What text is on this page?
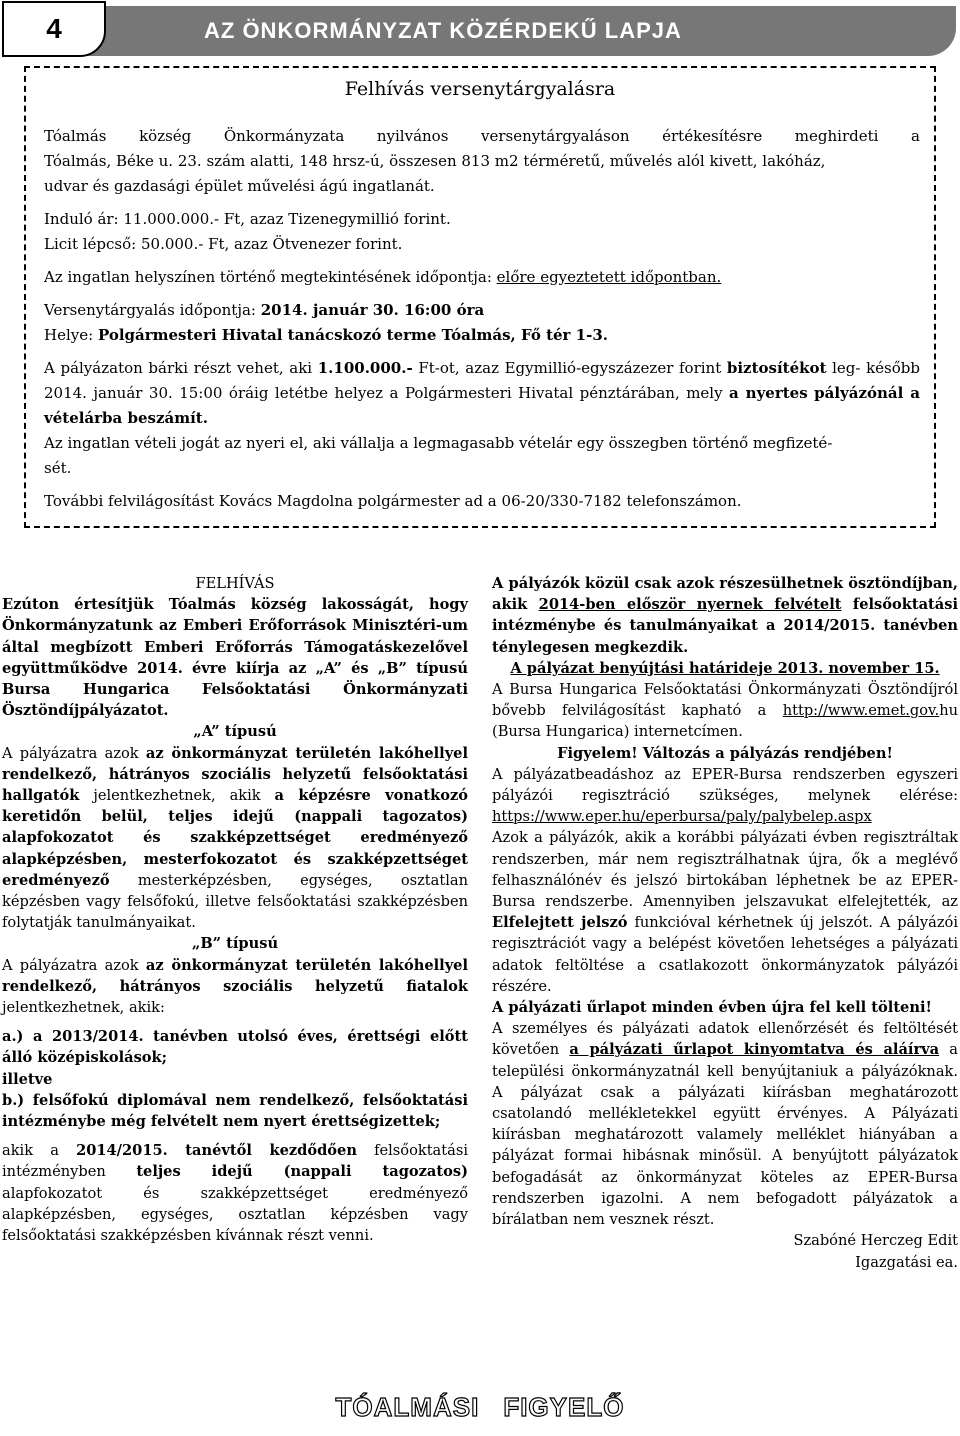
4	AZ ÖNKORMÁNYZAT KÖZÉRDEKŰ LAPJA
Felhívás versenytárgyalásra

Tóalmás község Önkormányzata nyilvános versenytárgyaláson értékesítésre meghirdeti a

Tóalmás, Béke u. 23. szám alatti, 148 hrsz-ú, összesen 813 m2 térméretű, művelés alól kivett, lakóház,

udvar és gazdasági épület művelési ágú ingatlanát.

Induló ár: 11.000.000.- Ft, azaz Tizenegymillió forint.

Licit lépcső: 50.000.- Ft, azaz Ötvenezer forint.

Az ingatlan helyszínen történő megtekintésének időpontja: előre egyeztetett időpontban.

Versenytárgyalás időpontja: 2014. január 30. 16:00 óra

Helye: Polgármesteri Hivatal tanácskozó terme Tóalmás, Fő tér 1-3.

A pályázaton bárki részt vehet, aki 1.100.000.- Ft-ot, azaz Egymillió-egyszázezer forint biztosítékot leg- később 2014. január 30. 15:00 óráig letétbe helyez a Polgármesteri Hivatal pénztárában, mely a nyertes pályázónál a vételárba beszámít.

Az ingatlan vételi jogát az nyeri el, aki vállalja a legmagasabb vételár egy összegben történő megfizeté-
sét.

További felvilágosítást Kovács Magdolna polgármester ad a 06-20/330-7182 telefonszámon.

FELHÍVÁS

Ezúton értesítjük Tóalmás község lakosságát, hogy Önkormányzatunk az Emberi Erőforrások Minisztéri-um által megbízott Emberi Erőforrás Támogatáskezelővel együttműködve 2014. évre kiírja az „A” és „B” típusú Bursa Hungarica Felsőoktatási Önkormányzati Ösztöndíjpályázatot.

„A” típusú

A pályázatra azok az önkormányzat területén lakóhellyel rendelkező, hátrányos szociális helyzetű felsőoktatási hallgatók jelentkezhetnek, akik a képzésre vonatkozó keretidőn belül, teljes idejű (nappali tagozatos) alapfokozatot és szakképzettséget eredményező alapképzésben, mesterfokozatot és szakképzettséget eredményező mesterképzésben, egységes, osztatlan képzésben vagy felsőfokú, illetve felsőoktatási szakképzésben folytatják tanulmányaikat.

„B” típusú

A pályázatra azok az önkormányzat területén lakóhellyel rendelkező, hátrányos szociális helyzetű fiatalok jelentkezhetnek, akik:

a.) a 2013/2014. tanévben utolsó éves, érettségi előtt álló középiskolások;

illetve

b.) felsőfokú diplomával nem rendelkező, felsőoktatási intézménybe még felvételt nem nyert érettségizettek;

akik a 2014/2015. tanévtől kezdődően felsőoktatási intézményben teljes idejű (nappali tagozatos) alapfokozatot és szakképzettséget eredményező alapképzésben, egységes, osztatlan képzésben vagy felsőoktatási szakképzésben kívánnak részt venni.

A pályázók közül csak azok részesülhetnek ösztöndíjban, akik 2014-ben először nyernek felvételt felsőoktatási intézménybe és tanulmányaikat a 2014/2015. tanévben ténylegesen megkezdik.

A pályázat benyújtási határideje 2013. november 15.

A Bursa Hungarica Felsőoktatási Önkormányzati Ösztöndíjról bővebb felvilágosítást kapható a http://www.emet.gov.hu (Bursa Hungarica) internetcímen.

Figyelem! Változás a pályázás rendjében!

A pályázatbeadáshoz az EPER-Bursa rendszerben egyszeri pályázói regisztráció szükséges, melynek elérése: https://www.eper.hu/eperbursa/paly/palybelep.aspx

Azok a pályázók, akik a korábbi pályázati évben regisztráltak rendszerben, már nem regisztrálhatnak újra, ők a meglévő felhasználónév és jelszó birtokában léphetnek be az EPER-Bursa rendszerbe. Amennyiben jelszavukat elfelejtették, az Elfelejtett jelszó funkcióval kérhetnek új jelszót. A pályázói regisztrációt vagy a belépést követően lehetséges a pályázati adatok feltöltése a csatlakozott önkormányzatok pályázói részére.

A pályázati űrlapot minden évben újra fel kell tölteni!

A személyes és pályázati adatok ellenőrzését és feltöltését követően a pályázati űrlapot kinyomtatva és aláírva a települési önkormányzatnál kell benyújtaniuk a pályázóknak. A pályázat csak a pályázati kiírásban meghatározott csatolandó mellékletekkel együtt érvényes. A Pályázati kiírásban meghatározott valamely melléklet hiányában a pályázat formai hibásnak minősül. A benyújtott pályázatok befogadását az önkormányzat köteles az EPER-Bursa rendszerben igazolni. A nem befogadott pályázatok a bírálatban nem vesznek részt.

Szabóné Herczeg Edit

Igazgatási ea.

TÓALMÁSI FIGYELŐ
